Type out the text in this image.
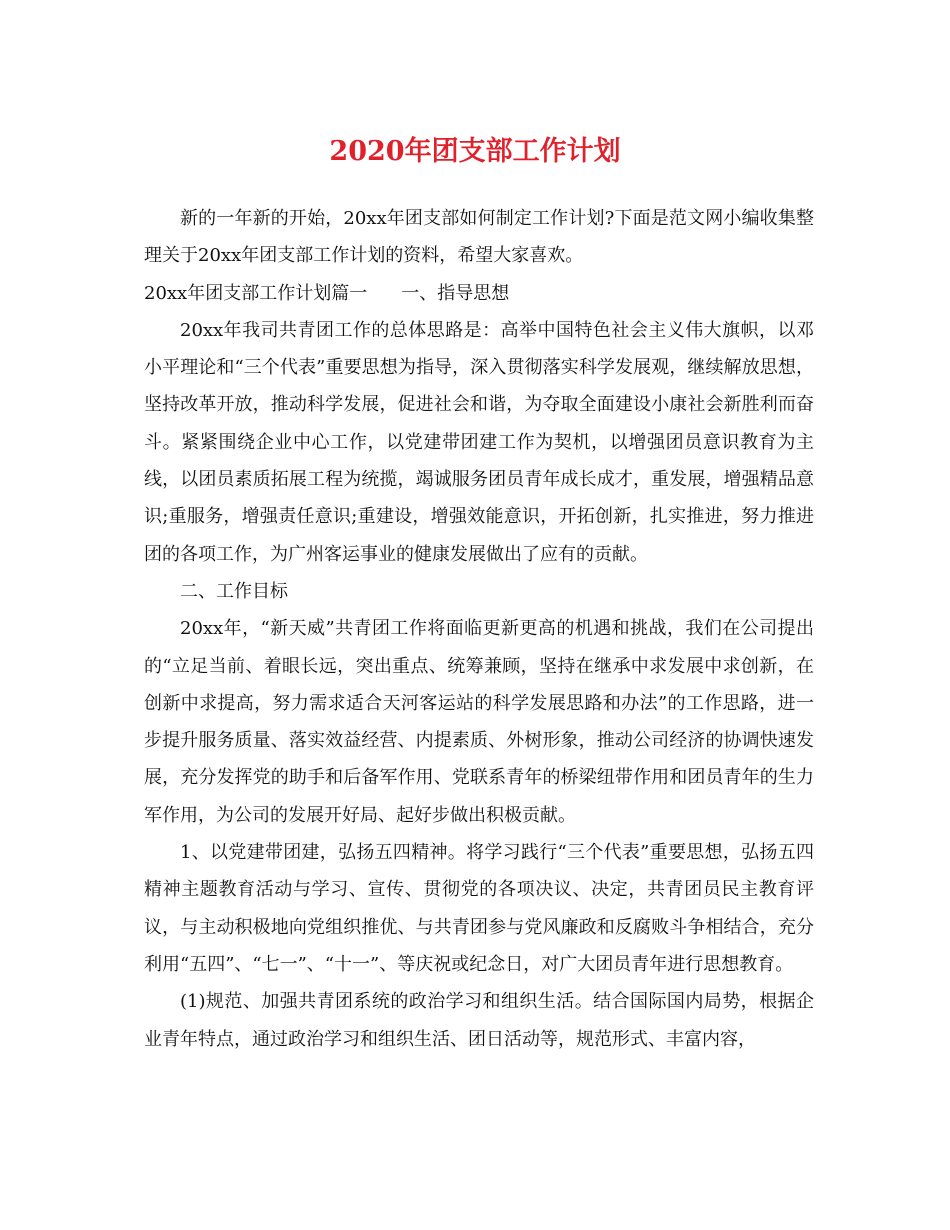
2020年团支部工作计划

新的一年新的开始，20xx年团支部如何制定工作计划?下面是范文网小编收集整理关于20xx年团支部工作计划的资料，希望大家喜欢。

20xx年团支部工作计划篇一 一、指导思想

20xx年我司共青团工作的总体思路是：高举中国特色社会主义伟大旗帜，以邓小平理论和“三个代表”重要思想为指导，深入贯彻落实科学发展观，继续解放思想，坚持改革开放，推动科学发展，促进社会和谐，为夺取全面建设小康社会新胜利而奋斗。紧紧围绕企业中心工作，以党建带团建工作为契机，以增强团员意识教育为主线，以团员素质拓展工程为统揽，竭诚服务团员青年成长成才，重发展，增强精品意识;重服务，增强责任意识;重建设，增强效能意识，开拓创新，扎实推进，努力推进团的各项工作，为广州客运事业的健康发展做出了应有的贡献。

二、工作目标

20xx年，“新天威”共青团工作将面临更新更高的机遇和挑战，我们在公司提出的“立足当前、着眼长远，突出重点、统筹兼顾，坚持在继承中求发展中求创新，在创新中求提高，努力需求适合天河客运站的科学发展思路和办法”的工作思路，进一步提升服务质量、落实效益经营、内提素质、外树形象，推动公司经济的协调快速发展，充分发挥党的助手和后备军作用、党联系青年的桥梁纽带作用和团员青年的生力军作用，为公司的发展开好局、起好步做出积极贡献。

1、以党建带团建，弘扬五四精神。将学习践行“三个代表”重要思想，弘扬五四精神主题教育活动与学习、宣传、贯彻党的各项决议、决定，共青团员民主教育评议，与主动积极地向党组织推优、与共青团参与党风廉政和反腐败斗争相结合，充分利用“五四”、“七一”、“十一”、等庆祝或纪念日，对广大团员青年进行思想教育。

(1)规范、加强共青团系统的政治学习和组织生活。结合国际国内局势，根据企业青年特点，通过政治学习和组织生活、团日活动等，规范形式、丰富内容，
